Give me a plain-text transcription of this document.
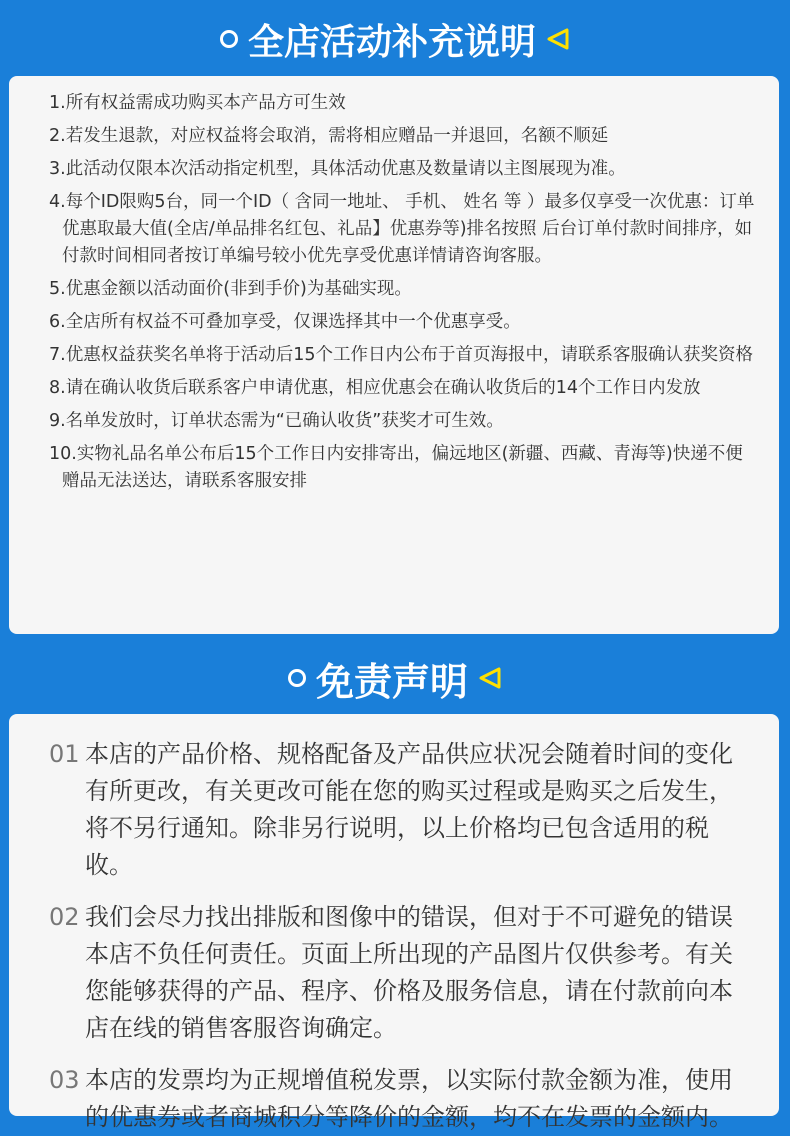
全店活动补充说明
1.所有权益需成功购买本产品方可生效
2.若发生退款，对应权益将会取消，需将相应赠品一并退回，名额不顺延
3.此活动仅限本次活动指定机型，具体活动优惠及数量请以主图展现为准。
4.每个ID限购5台，同一个ID（ 含同一地址、 手机、 姓名 等 ）最多仅享受一次优惠：订单优惠取最大值(全店/单品排名红包、礼品】优惠券等)排名按照 后台订单付款时间排序，如付款时间相同者按订单编号较小优先享受优惠详情请咨询客服。
5.优惠金额以活动面价(非到手价)为基础实现。
6.全店所有权益不可叠加享受，仅课选择其中一个优惠享受。
7.优惠权益获奖名单将于活动后15个工作日内公布于首页海报中，请联系客服确认获奖资格
8.请在确认收货后联系客户申请优惠，相应优惠会在确认收货后的14个工作日内发放
9.名单发放时，订单状态需为“已确认收货”获奖才可生效。
10.实物礼品名单公布后15个工作日内安排寄出，偏远地区(新疆、西藏、青海等)快递不便赠品无法送达，请联系客服安排
免责声明
01 本店的产品价格、规格配备及产品供应状况会随着时间的变化有所更改，有关更改可能在您的购买过程或是购买之后发生，将不另行通知。除非另行说明，以上价格均已包含适用的税收。
02 我们会尽力找出排版和图像中的错误，但对于不可避免的错误本店不负任何责任。页面上所出现的产品图片仅供参考。有关您能够获得的产品、程序、价格及服务信息，请在付款前向本店在线的销售客服咨询确定。
03 本店的发票均为正规增值税发票，以实际付款金额为准，使用的优惠券或者商城积分等降价的金额，均不在发票的金额内。
